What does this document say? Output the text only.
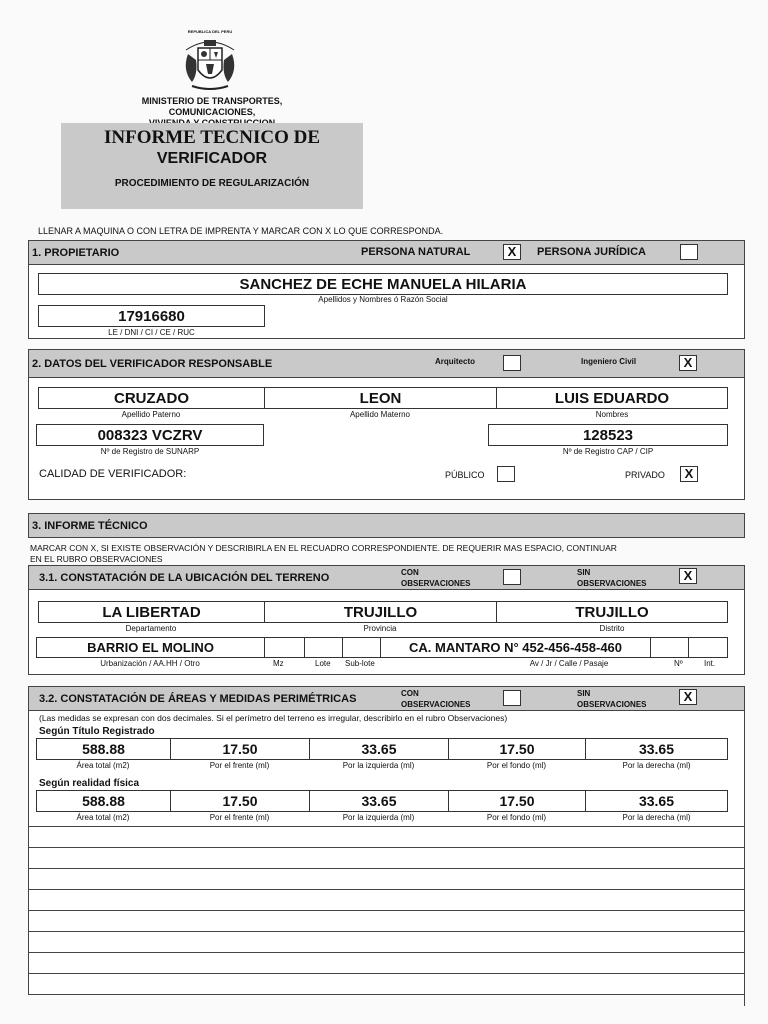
REPUBLICA DEL PERU
MINISTERIO DE TRANSPORTES, COMUNICACIONES,
INFORME TECNICO DE
VERIFICADOR
PROCEDIMIENTO DE REGULARIZACIÓN
LLENAR A MAQUINA O CON LETRA DE IMPRENTA Y MARCAR CON X LO QUE CORRESPONDA.
1. PROPIETARIO	PERSONA NATURAL	X	PERSONA JURÍDICA
SANCHEZ DE ECHE MANUELA HILARIA
Apellidos y Nombres ó Razón Social
17916680
LE / DNI / CI / CE / RUC
2. DATOS DEL VERIFICADOR RESPONSABLE	Arquitecto	Ingeniero Civil	X
CRUZADO	LEON	LUIS EDUARDO
Apellido Paterno	Apellido Materno	Nombres
008323 VCZRV
Nº de Registro de SUNARP
128523
Nº de Registro CAP / CIP
CALIDAD DE VERIFICADOR:	PÚBLICO	PRIVADO	X
3. INFORME TÉCNICO
MARCAR CON X, SI EXISTE OBSERVACIÓN Y DESCRIBIRLA EN EL RECUADRO CORRESPONDIENTE. DE REQUERIR MAS ESPACIO, CONTINUAR
EN EL RUBRO OBSERVACIONES
3.1. CONSTATACIÓN DE LA UBICACIÓN DEL TERRENO	CON
OBSERVACIONES
SIN
OBSERVACIONES
X
LA LIBERTAD	TRUJILLO	TRUJILLO
Departamento	Provincia	Distrito
BARRIO EL MOLINO	CA. MANTARO N° 452-456-458-460
Urbanización / AA.HH / Otro	Mz	Lote Sub-lote	Av / Jr / Calle / Pasaje	Nº	Int.
3.2. CONSTATACIÓN DE ÁREAS Y MEDIDAS PERIMÉTRICAS	CON
OBSERVACIONES
SIN
OBSERVACIONES
X
(Las medidas se expresan con dos decimales. Si el perímetro del terreno es irregular, describirlo en el rubro Observaciones)
Según Título Registrado
588.88	17.50	33.65	17.50	33.65
Área total (m2)	Por el frente (ml)	Por la izquierda (ml)	Por el fondo (ml)	Por la derecha (ml)
Según realidad física
588.88	17.50	33.65	17.50	33.65
Área total (m2)	Por el frente (ml)	Por la izquierda (ml)	Por el fondo (ml)	Por la derecha (ml)
